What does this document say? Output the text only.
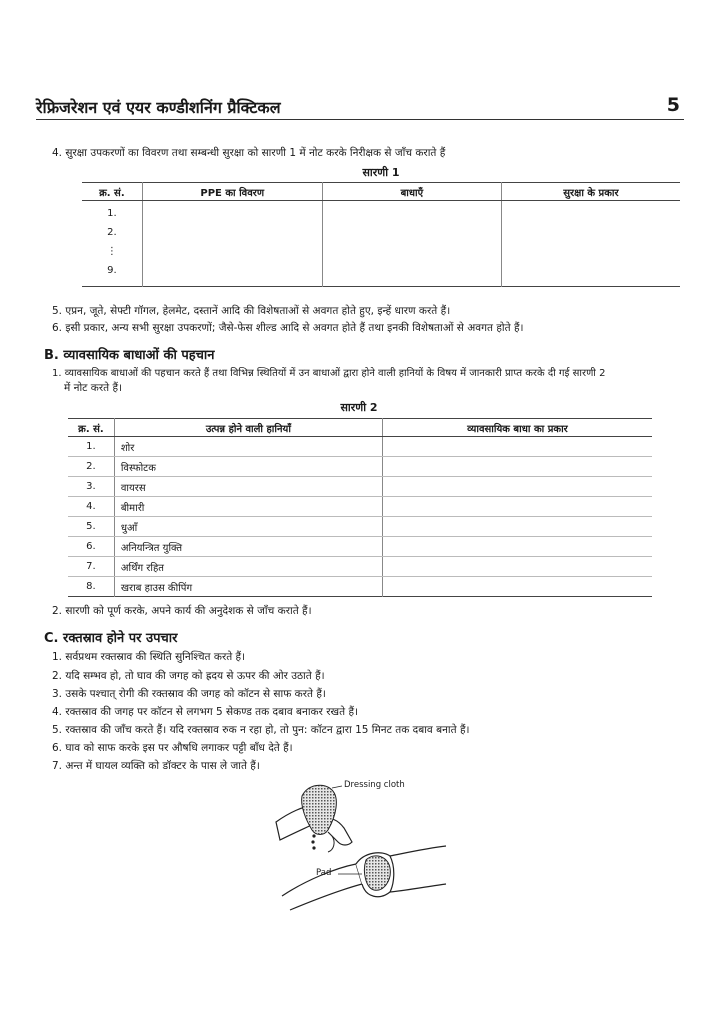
रेफ्रिजरेशन एवं एयर कण्डीशनिंग प्रैक्टिकल	5
4. सुरक्षा उपकरणों का विवरण तथा सम्बन्धी सुरक्षा को सारणी 1 में नोट करके निरीक्षक से जाँच कराते हैं
सारणी 1
क्र. सं.	PPE का विवरण	बाधाएँ	सुरक्षा के प्रकार

1.
2.
⋮
9.			

5. एप्रन, जूते, सेफ्टी गॉगल, हेलमेट, दस्तानें आदि की विशेषताओं से अवगत होते हुए, इन्हें धारण करते हैं।
6. इसी प्रकार, अन्य सभी सुरक्षा उपकरणों; जैसे-फेस शील्ड आदि से अवगत होते हैं तथा इनकी विशेषताओं से अवगत होते हैं।
B. व्यावसायिक बाधाओं की पहचान
1. व्यावसायिक बाधाओं की पहचान करते हैं तथा विभिन्न स्थितियों में उन बाधाओं द्वारा होने वाली हानियों के विषय में जानकारी प्राप्त करके दी गई सारणी 2
में नोट करते हैं।
सारणी 2
क्र. सं.	उत्पन्न होने वाली हानियाँ	व्यावसायिक बाधा का प्रकार
1.	शोर	
2.	विस्फोटक	
3.	वायरस	
4.	बीमारी	
5.	धुआँ	
6.	अनियन्त्रित युक्ति	
7.	अर्थिंग रहित	
8.	खराब हाउस कीपिंग	
2. सारणी को पूर्ण करके, अपने कार्य की अनुदेशक से जाँच कराते हैं।
C. रक्तस्राव होने पर उपचार
1. सर्वप्रथम रक्तस्राव की स्थिति सुनिश्चित करते हैं।
2. यदि सम्भव हो, तो घाव की जगह को ह्रदय से ऊपर की ओर उठाते हैं।
3. उसके पश्चात् रोगी की रक्तस्राव की जगह को कॉटन से साफ करते हैं।
4. रक्तस्राव की जगह पर कॉटन से लगभग 5 सेकण्ड तक दबाव बनाकर रखते हैं।
5. रक्तस्राव की जाँच करते हैं। यदि रक्तस्राव रुक न रहा हो, तो पुन: कॉटन द्वारा 15 मिनट तक दबाव बनाते हैं।
6. घाव को साफ करके इस पर औषधि लगाकर पट्टी बाँध देते हैं।
7. अन्त में घायल व्यक्ति को डॉक्टर के पास ले जाते हैं।
Dressing cloth
Pad
